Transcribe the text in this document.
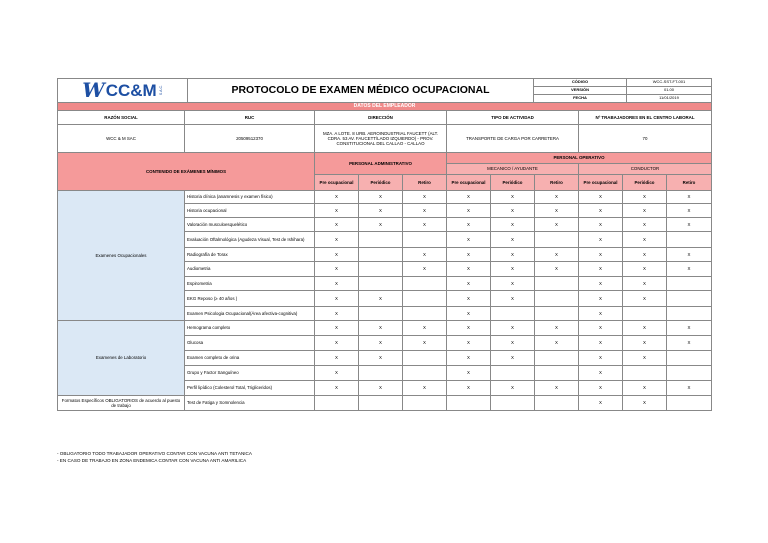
W CC&M S.A.C.	PROTOCOLO DE EXAMEN MÉDICO OCUPACIONAL	CÓDIGO	WCC-SST-FT-001
		VERSIÓN	01.00
		FECHA	11/01/2019
DATOS DEL EMPLEADOR										
RAZÓN SOCIAL	RUC	DIRECCIÓN			TIPO DE ACTIVIDAD			Nº TRABAJADORES EN EL CENTRO LABORAL		
WCC & M SAC	20509512370	MZA. A LOTE. 8 URB. AEROINDUSTRIAL FAUCETT (ALT. CDRA. 53 AV. FAUCETT/LADO IZQUIERDO) - PROV. CONSTITUCIONAL DEL CALLAO - CALLAO			TRANSPORTE DE CARGA POR CARRETERA			70		
CONTENIDO DE EXÁMENES MÍNIMOS		PERSONAL ADMINISTRATIVO			PERSONAL OPERATIVO					
					MECANICO / AYUDANTE			CONDUCTOR		
		Pre ocupacional	Periódico	Retiro	Pre ocupacional	Periódico	Retiro	Pre ocupacional	Periódico	Retiro
Examenes Ocupacionales	Historia clínica (anamnesis y examen físico)	X	X	X	X	X	X	X	X	X
	Historia ocupacional	X	X	X	X	X	X	X	X	X
	Valoración musculoesquelético	X	X	X	X	X	X	X	X	X
	Evaluación Oftalmológica (Agudeza Visual, Test de Ishihara)	X			X	X		X	X	
	Radiografía de Torax	X		X	X	X	X	X	X	X
	Audiometria	X		X	X	X	X	X	X	X
	Espirometria	X			X	X		X	X	
	EKG Reposo (≥ 40 años )	X	X		X	X		X	X	
	Examen Psicologia Ocupacional(Área afectiva-cognitiva)	X			X			X		
Examenes de Laboratorio	Hemograma completo	X	X	X	X	X	X	X	X	X
	Glucosa	X	X	X	X	X	X	X	X	X
	Examen completo de orina	X	X		X	X		X	X	
	Grupo y Factor Sanguíneo	X			X			X		
	Perfil lipídico (Colesterol Total, Trigliceridos)	X	X	X	X	X	X	X	X	X
Formatos Específicos OBLIGATORIOS de acuerdo al puesto de trabajo	Test de Fatiga y Somnolencia							X	X	
- OBLIGATORIO TODO TRABAJADOR OPERATIVO CONTAR CON VACUNA ANTI TETANICA
- EN CASO DE TRABAJO EN ZONA ENDEMICA CONTAR CON VACUNA ANTI AMARILICA
